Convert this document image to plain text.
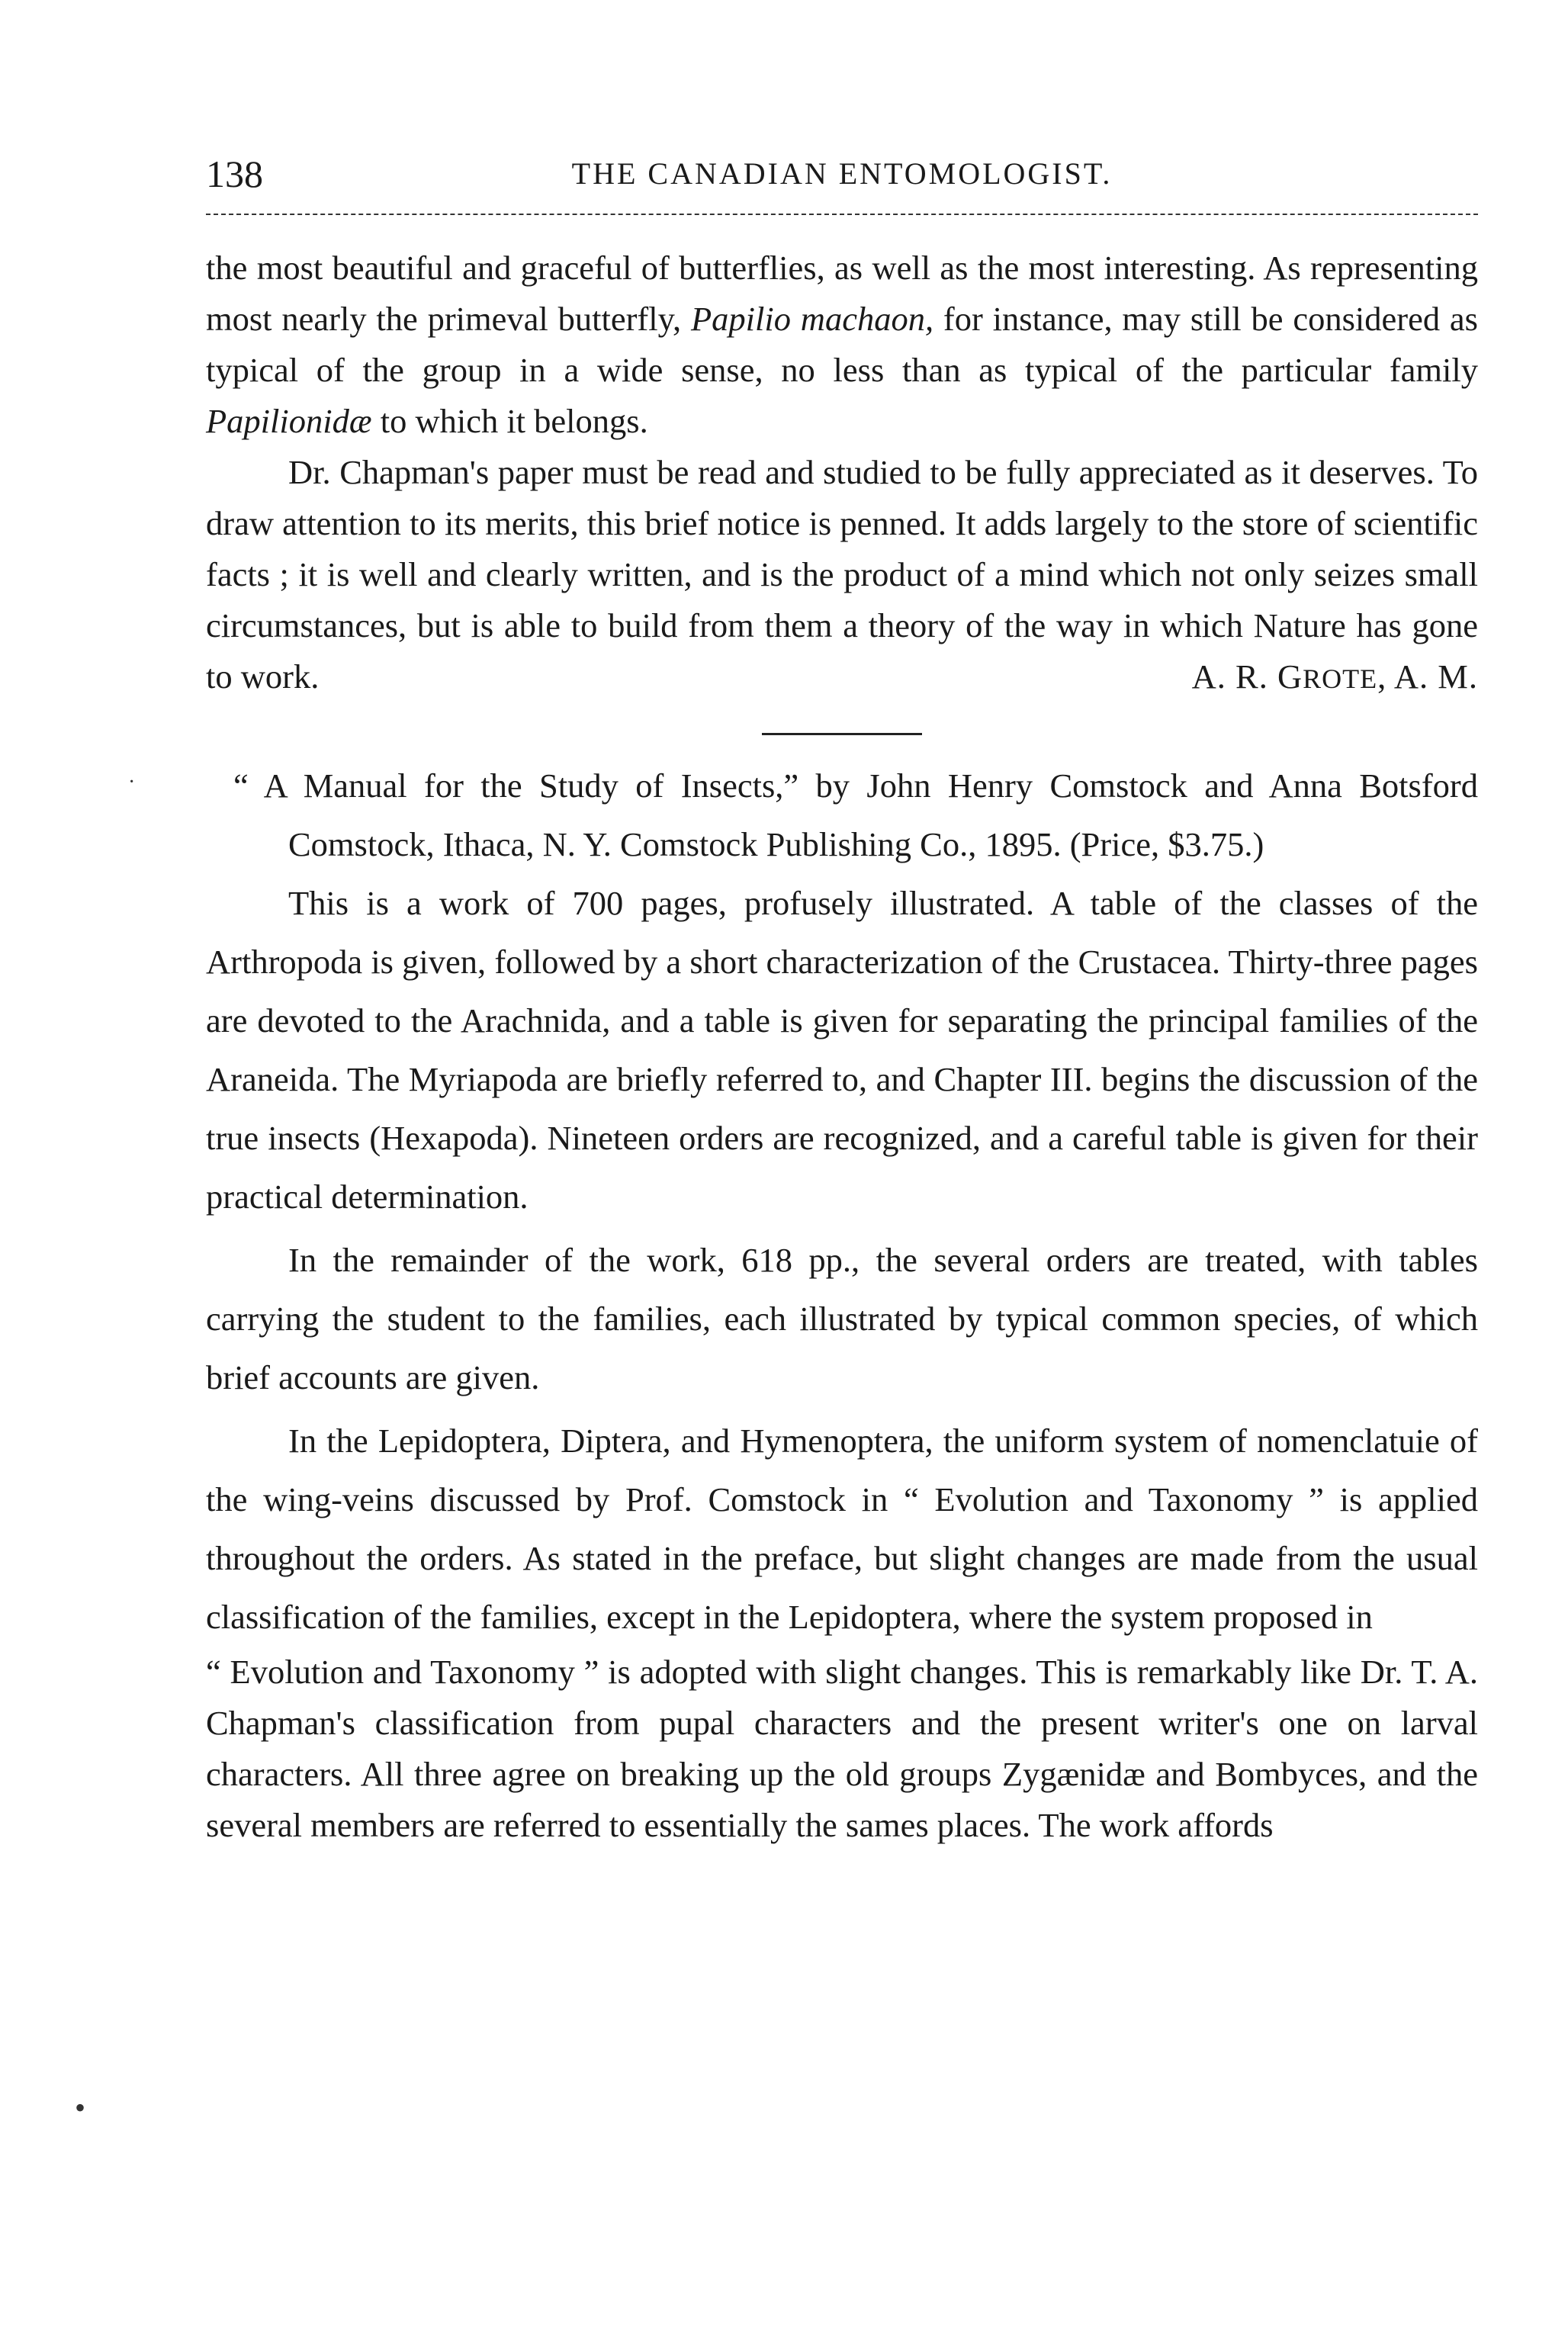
138	THE CANADIAN ENTOMOLOGIST.
·
•

the most beautiful and graceful of butterflies, as well as the most interesting. As representing most nearly the primeval butterfly, Papilio machaon, for instance, may still be considered as typical of the group in a wide sense, no less than as typical of the particular family Papilionidæ to which it belongs.

Dr. Chapman's paper must be read and studied to be fully appreciated as it deserves. To draw attention to its merits, this brief notice is penned. It adds largely to the store of scientific facts ; it is well and clearly written, and is the product of a mind which not only seizes small circumstances, but is able to build from them a theory of the way in which Nature has gone to work.	A. R. GROTE, A. M.

“ A Manual for the Study of Insects,” by John Henry Comstock and Anna Botsford Comstock, Ithaca, N. Y. Comstock Publishing Co., 1895. (Price, $3.75.)

This is a work of 700 pages, profusely illustrated. A table of the classes of the Arthropoda is given, followed by a short characterization of the Crustacea. Thirty-three pages are devoted to the Arachnida, and a table is given for separating the principal families of the Araneida. The Myriapoda are briefly referred to, and Chapter III. begins the discussion of the true insects (Hexapoda). Nineteen orders are recognized, and a careful table is given for their practical determination.

In the remainder of the work, 618 pp., the several orders are treated, with tables carrying the student to the families, each illustrated by typical common species, of which brief accounts are given.

In the Lepidoptera, Diptera, and Hymenoptera, the uniform system of nomenclatuie of the wing-veins discussed by Prof. Comstock in “ Evolution and Taxonomy ” is applied throughout the orders. As stated in the preface, but slight changes are made from the usual classification of the families, except in the Lepidoptera, where the system proposed in

“ Evolution and Taxonomy ” is adopted with slight changes. This is remarkably like Dr. T. A. Chapman's classification from pupal characters and the present writer's one on larval characters. All three agree on breaking up the old groups Zygænidæ and Bombyces, and the several members are referred to essentially the sames places. The work affords
